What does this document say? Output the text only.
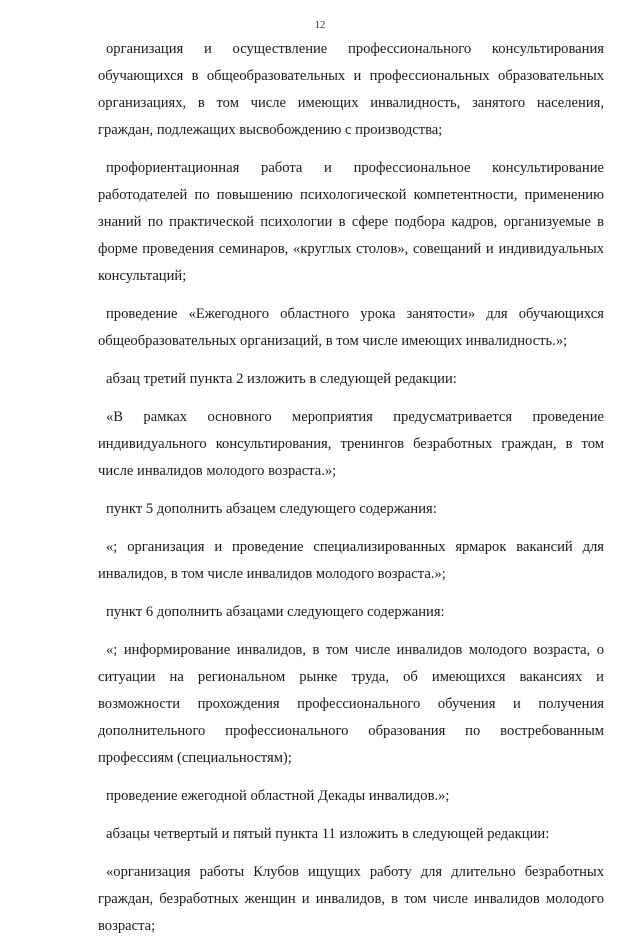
12

организация и осуществление профессионального консультирования обучающихся в общеобразовательных и профессиональных образовательных организациях, в том числе имеющих инвалидность, занятого населения, граждан, подлежащих высвобождению с производства;

профориентационная работа и профессиональное консультирование работодателей по повышению психологической компетентности, применению знаний по практической психологии в сфере подбора кадров, организуемые в форме проведения семинаров, «круглых столов», совещаний и индивидуальных консультаций;

проведение «Ежегодного областного урока занятости» для обучающихся общеобразовательных организаций, в том числе имеющих инвалидность.»;

абзац третий пункта 2 изложить в следующей редакции:

«В рамках основного мероприятия предусматривается проведение индивидуального консультирования, тренингов безработных граждан, в том числе инвалидов молодого возраста.»;

пункт 5 дополнить абзацем следующего содержания:

«; организация и проведение специализированных ярмарок вакансий для инвалидов, в том числе инвалидов молодого возраста.»;

пункт 6 дополнить абзацами следующего содержания:

«; информирование инвалидов, в том числе инвалидов молодого возраста, о ситуации на региональном рынке труда, об имеющихся вакансиях и возможности прохождения профессионального обучения и получения дополнительного профессионального образования по востребованным профессиям (специальностям);

проведение ежегодной областной Декады инвалидов.»;

абзацы четвертый и пятый пункта 11 изложить в следующей редакции:

«организация работы Клубов ищущих работу для длительно безработных граждан, безработных женщин и инвалидов, в том числе инвалидов молодого возраста;
